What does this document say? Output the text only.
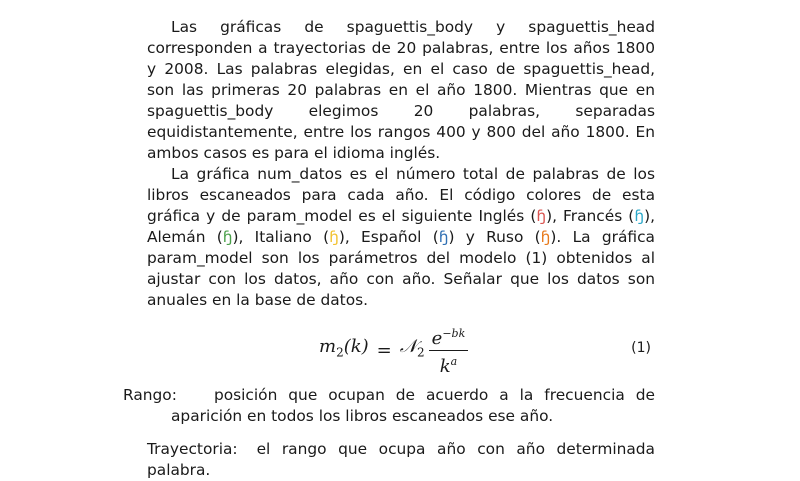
Las gráficas de spaguettis_body y spaguettis_head corresponden a trayectorias de 20 palabras, entre los años 1800 y 2008. Las palabras elegidas, en el caso de spaguettis_head, son las primeras 20 palabras en el año 1800. Mientras que en spaguettis_body elegimos 20 palabras, separadas equidistantemente, entre los rangos 400 y 800 del año 1800. En ambos casos es para el idioma inglés.

La gráfica num_datos es el número total de palabras de los libros escaneados para cada año. El código colores de esta gráfica y de param_model es el siguiente Inglés (ɧ), Francés (ɧ), Alemán (ɧ), Italiano (ɧ), Español (ɧ) y Ruso (ɧ). La gráfica param_model son los parámetros del modelo (1) obtenidos al ajustar con los datos, año con año. Señalar que los datos son anuales en la base de datos.

$m_2(k)$ = 𝒩$_2$ $\frac{e^{-bk}}{k^a}$	(1)

Rango: posición que ocupan de acuerdo a la frecuencia de aparición en todos los libros escaneados ese año.

Trayectoria: el rango que ocupa año con año determinada palabra.
